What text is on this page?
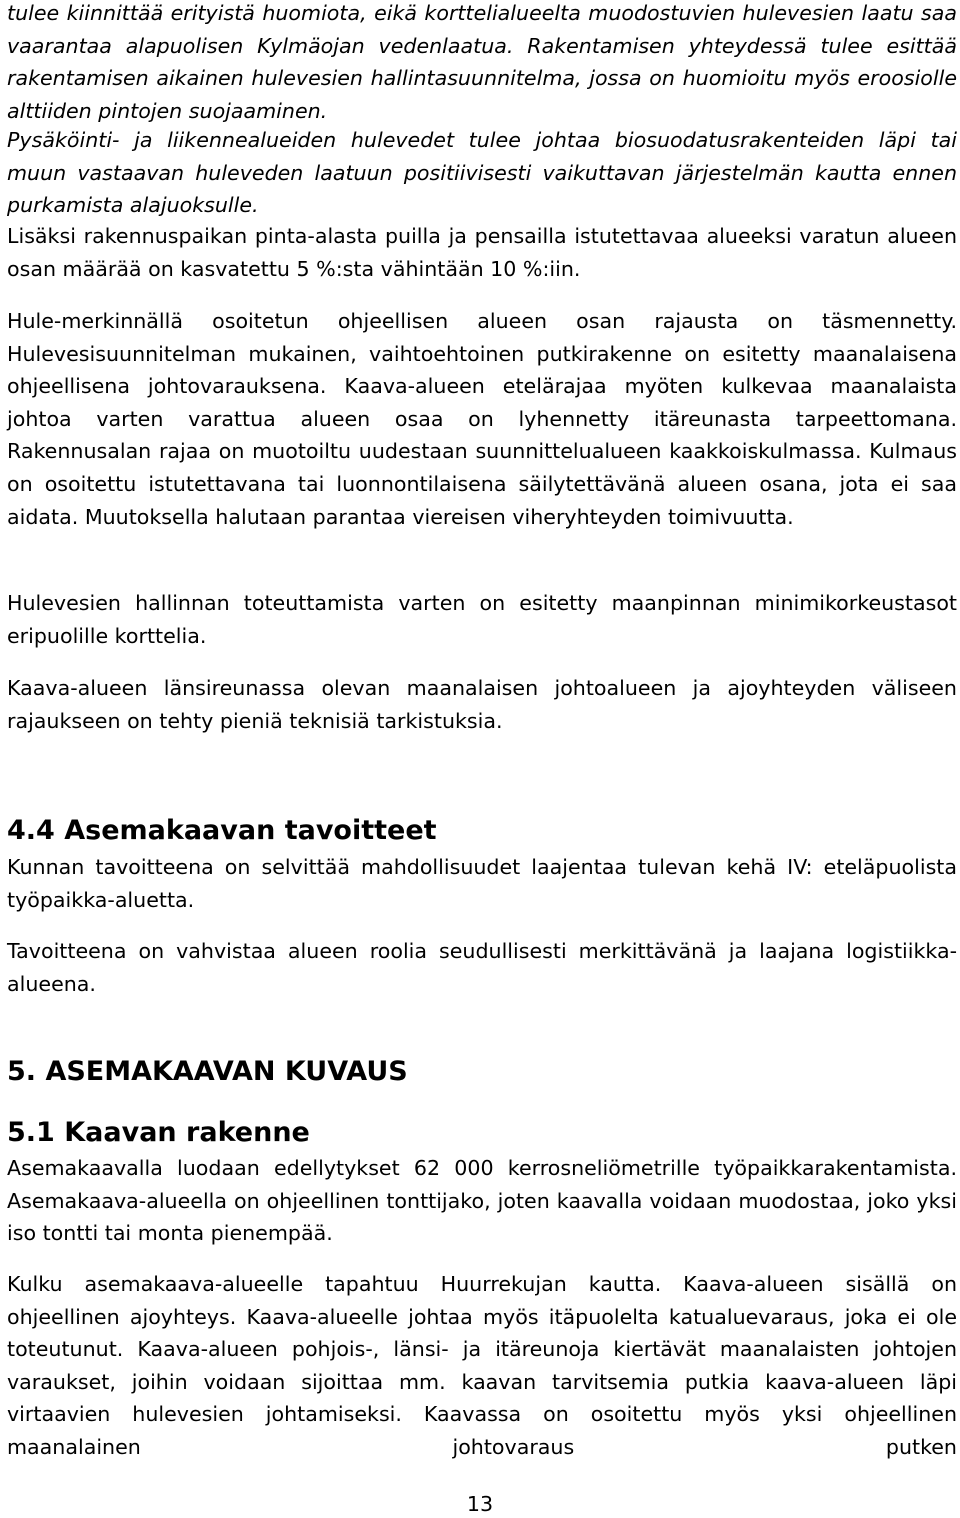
tulee kiinnittää erityistä huomiota, eikä korttelialueelta muodostuvien hulevesien laatu saa vaarantaa alapuolisen Kylmäojan vedenlaatua. Rakentamisen yhteydessä tulee esittää rakentamisen aikainen hulevesien hallintasuunnitelma, jossa on huomioitu myös eroosiolle alttiiden pintojen suojaaminen.

Pysäköinti- ja liikennealueiden hulevedet tulee johtaa biosuodatusrakenteiden läpi tai muun vastaavan huleveden laatuun positiivisesti vaikuttavan järjestelmän kautta ennen purkamista alajuoksulle.

Lisäksi rakennuspaikan pinta-alasta puilla ja pensailla istutettavaa alueeksi varatun alueen osan määrää on kasvatettu 5 %:sta vähintään 10 %:iin.

Hule-merkinnällä osoitetun ohjeellisen alueen osan rajausta on täsmennetty. Hulevesisuunnitelman mukainen, vaihtoehtoinen putkirakenne on esitetty maanalaisena ohjeellisena johtovarauksena. Kaava-alueen etelärajaa myöten kulkevaa maanalaista johtoa varten varattua alueen osaa on lyhennetty itäreunasta tarpeettomana. Rakennusalan rajaa on muotoiltu uudestaan suunnittelualueen kaakkoiskulmassa. Kulmaus on osoitettu istutettavana tai luonnontilaisena säilytettävänä alueen osana, jota ei saa aidata. Muutoksella halutaan parantaa viereisen viheryhteyden toimivuutta.

Hulevesien hallinnan toteuttamista varten on esitetty maanpinnan minimikorkeustasot eripuolille korttelia.

Kaava-alueen länsireunassa olevan maanalaisen johtoalueen ja ajoyhteyden väliseen rajaukseen on tehty pieniä teknisiä tarkistuksia.

4.4 Asemakaavan tavoitteet

Kunnan tavoitteena on selvittää mahdollisuudet laajentaa tulevan kehä IV: eteläpuolista työpaikka-aluetta.

Tavoitteena on vahvistaa alueen roolia seudullisesti merkittävänä ja laajana logistiikka-alueena.

5. ASEMAKAAVAN KUVAUS
5.1 Kaavan rakenne

Asemakaavalla luodaan edellytykset 62 000 kerrosneliömetrille työpaikkarakentamista. Asemakaava-alueella on ohjeellinen tonttijako, joten kaavalla voidaan muodostaa, joko yksi iso tontti tai monta pienempää.

Kulku asemakaava-alueelle tapahtuu Huurrekujan kautta. Kaava-alueen sisällä on ohjeellinen ajoyhteys. Kaava-alueelle johtaa myös itäpuolelta katualuevaraus, joka ei ole toteutunut. Kaava-alueen pohjois-, länsi- ja itäreunoja kiertävät maanalaisten johtojen varaukset, joihin voidaan sijoittaa mm. kaavan tarvitsemia putkia kaava-alueen läpi virtaavien hulevesien johtamiseksi. Kaavassa on osoitettu myös yksi ohjeellinen maanalainen johtovaraus putken

13
